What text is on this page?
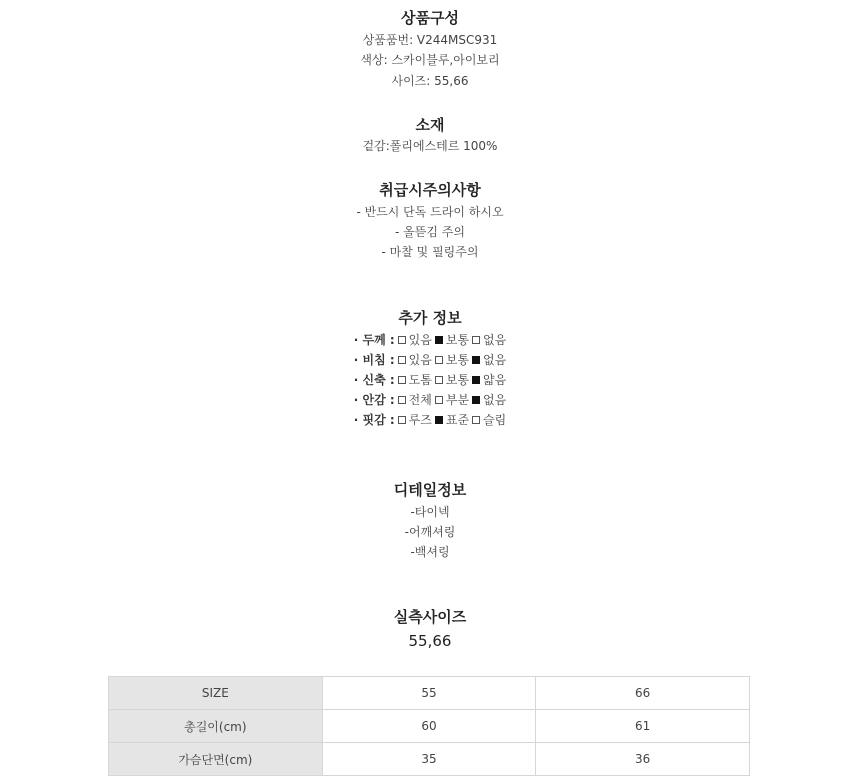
상품구성
상품품번: V244MSC931
색상: 스카이블루,아이보리
사이즈: 55,66
소재
겉감:폴리에스테르 100%
취급시주의사항
- 반드시 단독 드라이 하시오
- 올뜯김 주의
- 마찰 및 필링주의
추가 정보
· 두께 : 있음 보통 없음
· 비침 : 있음 보통 없음
· 신축 : 도톰 보통 얇음
· 안감 : 전체 부분 없음
· 핏감 : 루즈 표준 슬림
디테일정보
-타이넥
-어깨셔링
-백셔링
실측사이즈
55,66
SIZE	55	66
총길이(cm)	60	61
가슴단면(cm)	35	36
